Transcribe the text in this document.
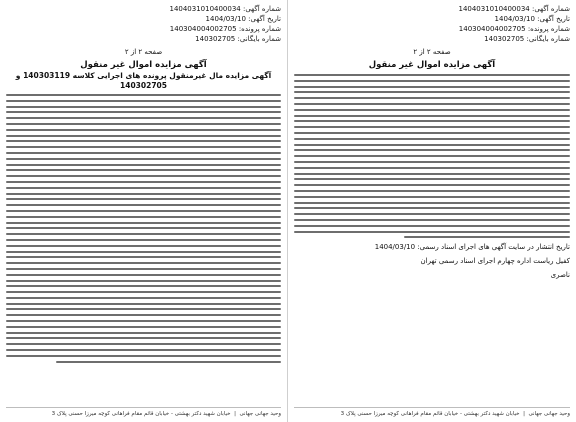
شماره آگهی: 1404031010400034
تاریخ آگهی: 1404/03/10
شماره پرونده: 140304004002705
شماره بایگانی: 140302705
صفحه ۲ از ۲
آگهی مزایده اموال غیر منقول
آگهی مزایده مال غیرمنقول پرونده های اجرایی کلاسه 140303119 و 140302705
وحید جهانی جهانی  |  خیابان شهید دکتر بهشتی - خیابان قائم مقام فراهانی کوچه میرزا حسنی پلاک 3
شماره آگهی: 1404031010400034
تاریخ آگهی: 1404/03/10
شماره پرونده: 140304004002705
شماره بایگانی: 140302705
صفحه ۲ از ۲
آگهی مزایده اموال غیر منقول
تاریخ انتشار در سایت آگهی های اجرای اسناد رسمی: 1404/03/10
کفیل ریاست اداره چهارم اجرای اسناد رسمی تهران
ناصری
وحید جهانی جهانی  |  خیابان شهید دکتر بهشتی - خیابان قائم مقام فراهانی کوچه میرزا حسنی پلاک 3
